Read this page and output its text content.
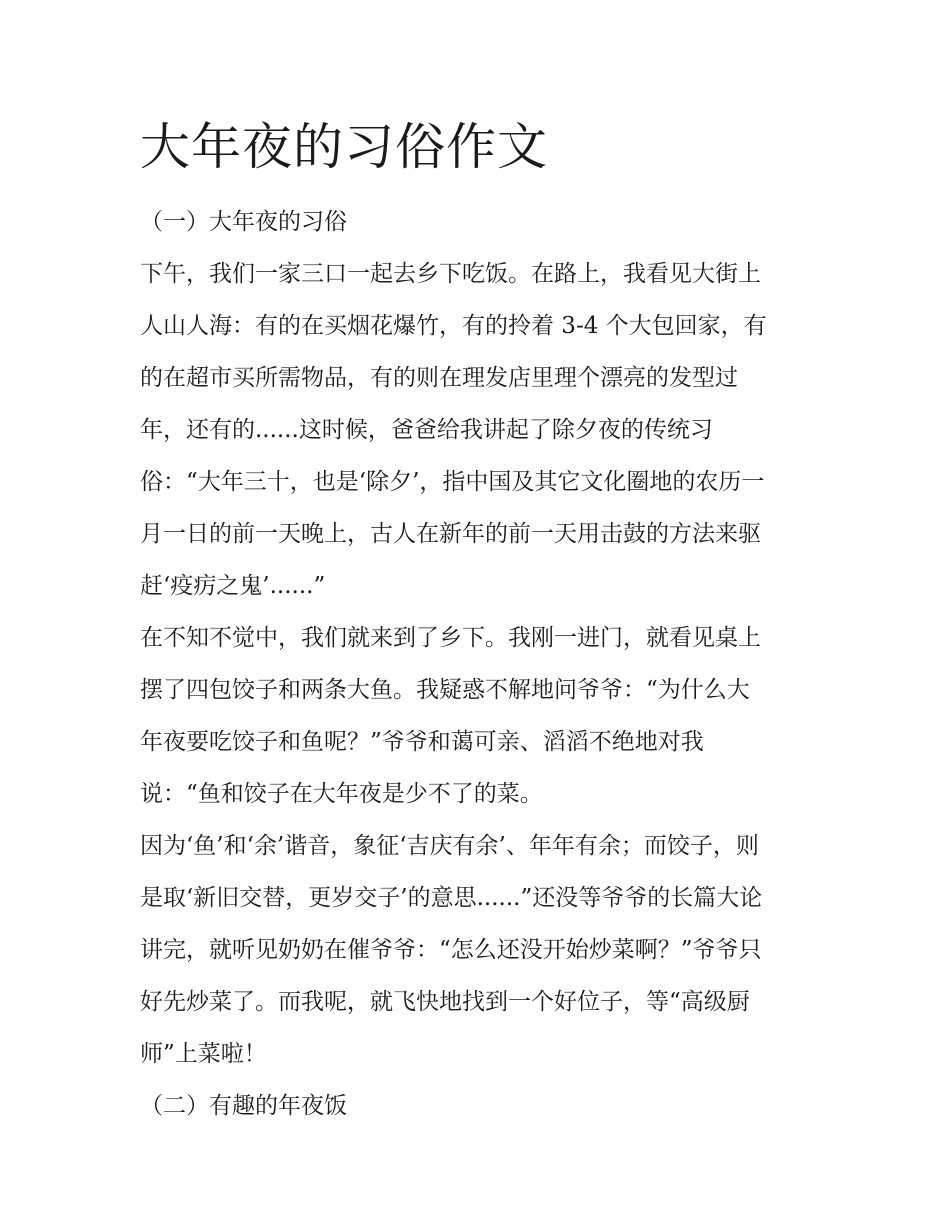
大年夜的习俗作文

（一）大年夜的习俗

下午，我们一家三口一起去乡下吃饭。在路上，我看见大街上
人山人海：有的在买烟花爆竹，有的拎着 3-4 个大包回家，有
的在超市买所需物品，有的则在理发店里理个漂亮的发型过
年，还有的......这时候，爸爸给我讲起了除夕夜的传统习
俗：“大年三十，也是‘除夕’，指中国及其它文化圈地的农历一
月一日的前一天晚上，古人在新年的前一天用击鼓的方法来驱
赶‘疫疠之鬼’......”
在不知不觉中，我们就来到了乡下。我刚一进门，就看见桌上
摆了四包饺子和两条大鱼。我疑惑不解地问爷爷：“为什么大
年夜要吃饺子和鱼呢？”爷爷和蔼可亲、滔滔不绝地对我
说：“鱼和饺子在大年夜是少不了的菜。
因为‘鱼’和‘余’谐音，象征‘吉庆有余’、年年有余；而饺子，则
是取‘新旧交替，更岁交子’的意思......”还没等爷爷的长篇大论
讲完，就听见奶奶在催爷爷：“怎么还没开始炒菜啊？”爷爷只
好先炒菜了。而我呢，就飞快地找到一个好位子，等“高级厨
师”上菜啦！

（二）有趣的年夜饭
